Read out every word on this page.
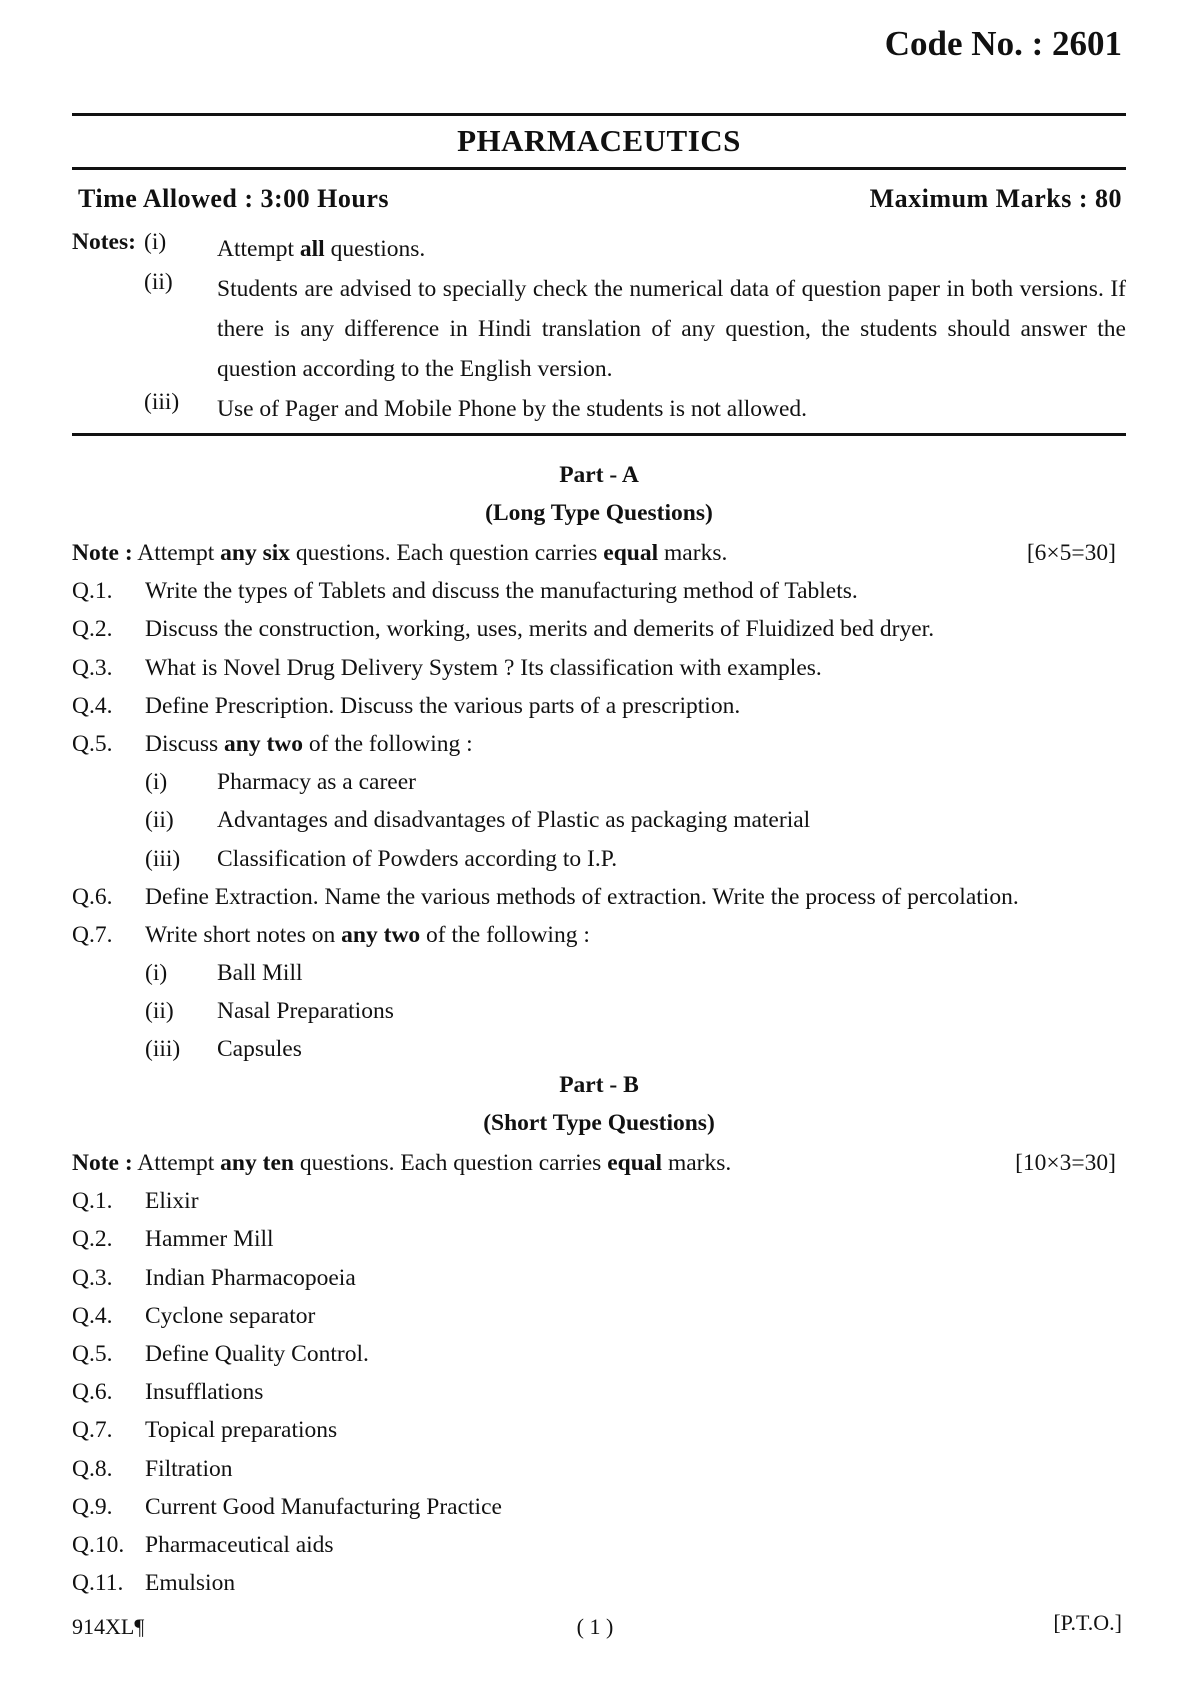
Code No. : 2601
PHARMACEUTICS
Time Allowed : 3:00 Hours	Maximum Marks : 80
Notes: (i) Attempt all questions.
(ii) Students are advised to specially check the numerical data of question paper in both versions. If there is any difference in Hindi translation of any question, the students should answer the question according to the English version.
(iii) Use of Pager and Mobile Phone by the students is not allowed.
Part - A
(Long Type Questions)
Note : Attempt any six questions. Each question carries equal marks.	[6×5=30]
Q.1. Write the types of Tablets and discuss the manufacturing method of Tablets.
Q.2. Discuss the construction, working, uses, merits and demerits of Fluidized bed dryer.
Q.3. What is Novel Drug Delivery System ? Its classification with examples.
Q.4. Define Prescription. Discuss the various parts of a prescription.
Q.5. Discuss any two of the following :
(i) Pharmacy as a career
(ii) Advantages and disadvantages of Plastic as packaging material
(iii) Classification of Powders according to I.P.
Q.6. Define Extraction. Name the various methods of extraction. Write the process of percolation.
Q.7. Write short notes on any two of the following :
(i) Ball Mill
(ii) Nasal Preparations
(iii) Capsules
Part - B
(Short Type Questions)
Note : Attempt any ten questions. Each question carries equal marks.	[10×3=30]
Q.1. Elixir
Q.2. Hammer Mill
Q.3. Indian Pharmacopoeia
Q.4. Cyclone separator
Q.5. Define Quality Control.
Q.6. Insufflations
Q.7. Topical preparations
Q.8. Filtration
Q.9. Current Good Manufacturing Practice
Q.10. Pharmaceutical aids
Q.11. Emulsion
914XL¶	( 1 )	[P.T.O.]
